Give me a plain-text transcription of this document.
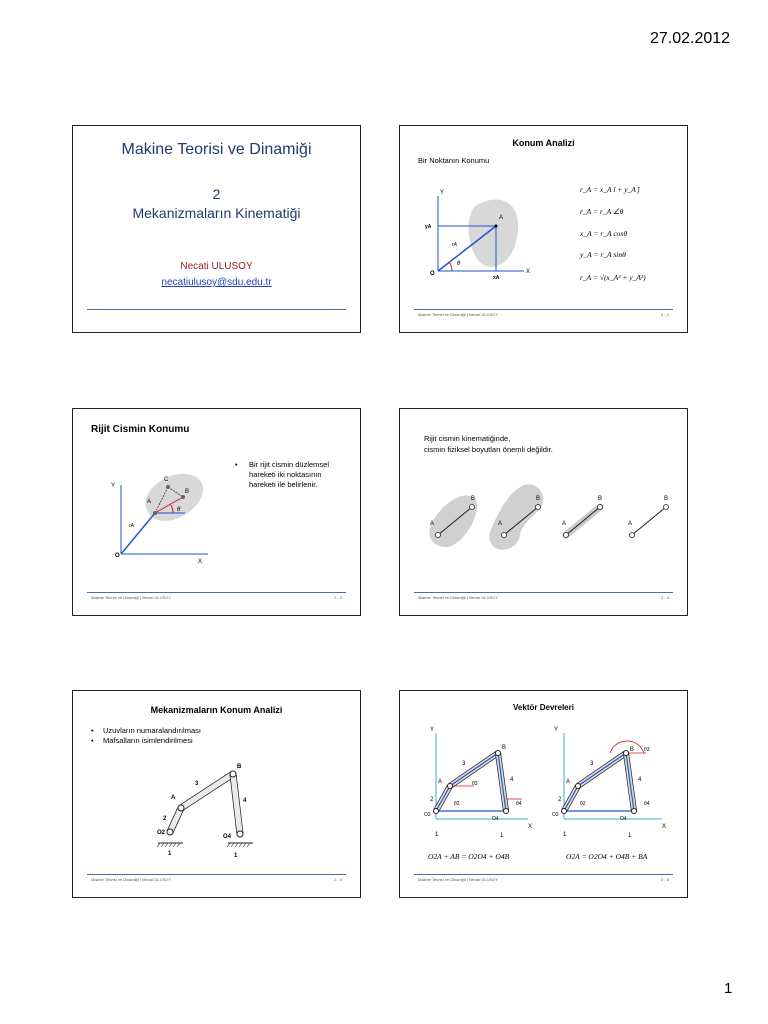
27.02.2012
Makine Teorisi ve Dinamiği
2
Mekanizmaların Kinematiği
Necati ULUSOY
necatiulusoy@sdu.edu.tr
Konum Analizi
Bir Noktanın Konumu
Y
X
O
A
yA
xA
rA
θ
r_A = x_A î + y_A ĵ
r_A = r_A ∠θ
x_A = r_A cosθ
y_A = r_A sinθ
r_A = √(x_A² + y_A²)
Makine Teorisi ve Dinamiği | Necati ULUSOY	2 - 2
Rijit Cismin Konumu
Y
X
O
A
B
C
rA
θ
• Bir rijit cismin düzlemsel hareketi iki noktasının hareketi ile belirlenir.
Makine Teorisi ve Dinamiği | Necati ULUSOY	2 - 3
Rijit cismin kinematiğinde,
cismin fiziksel boyutları önemli değildir.
A
B
A
B
A
B
A
B
Makine Teorisi ve Dinamiği | Necati ULUSOY	2 - 4
Mekanizmaların Konum Analizi
• Uzuvların numaralandırılması
• Mafsalların isimlendirilmesi
A
B
O2
O4
1	1
2
3
4
Makine Teorisi ve Dinamiği | Necati ULUSOY	2 - 5
Vektör Devreleri
Y
X
A
B
O2
O4
1	1
2
3
4
θ2
θ3
θ4
Y
X
A
B
O2
O4
1	1
2
3
4
θ2
θ3
θ4
O2A + AB = O2O4 + O4B	O2A = O2O4 + O4B + BA
Makine Teorisi ve Dinamiği | Necati ULUSOY	2 - 6
1
